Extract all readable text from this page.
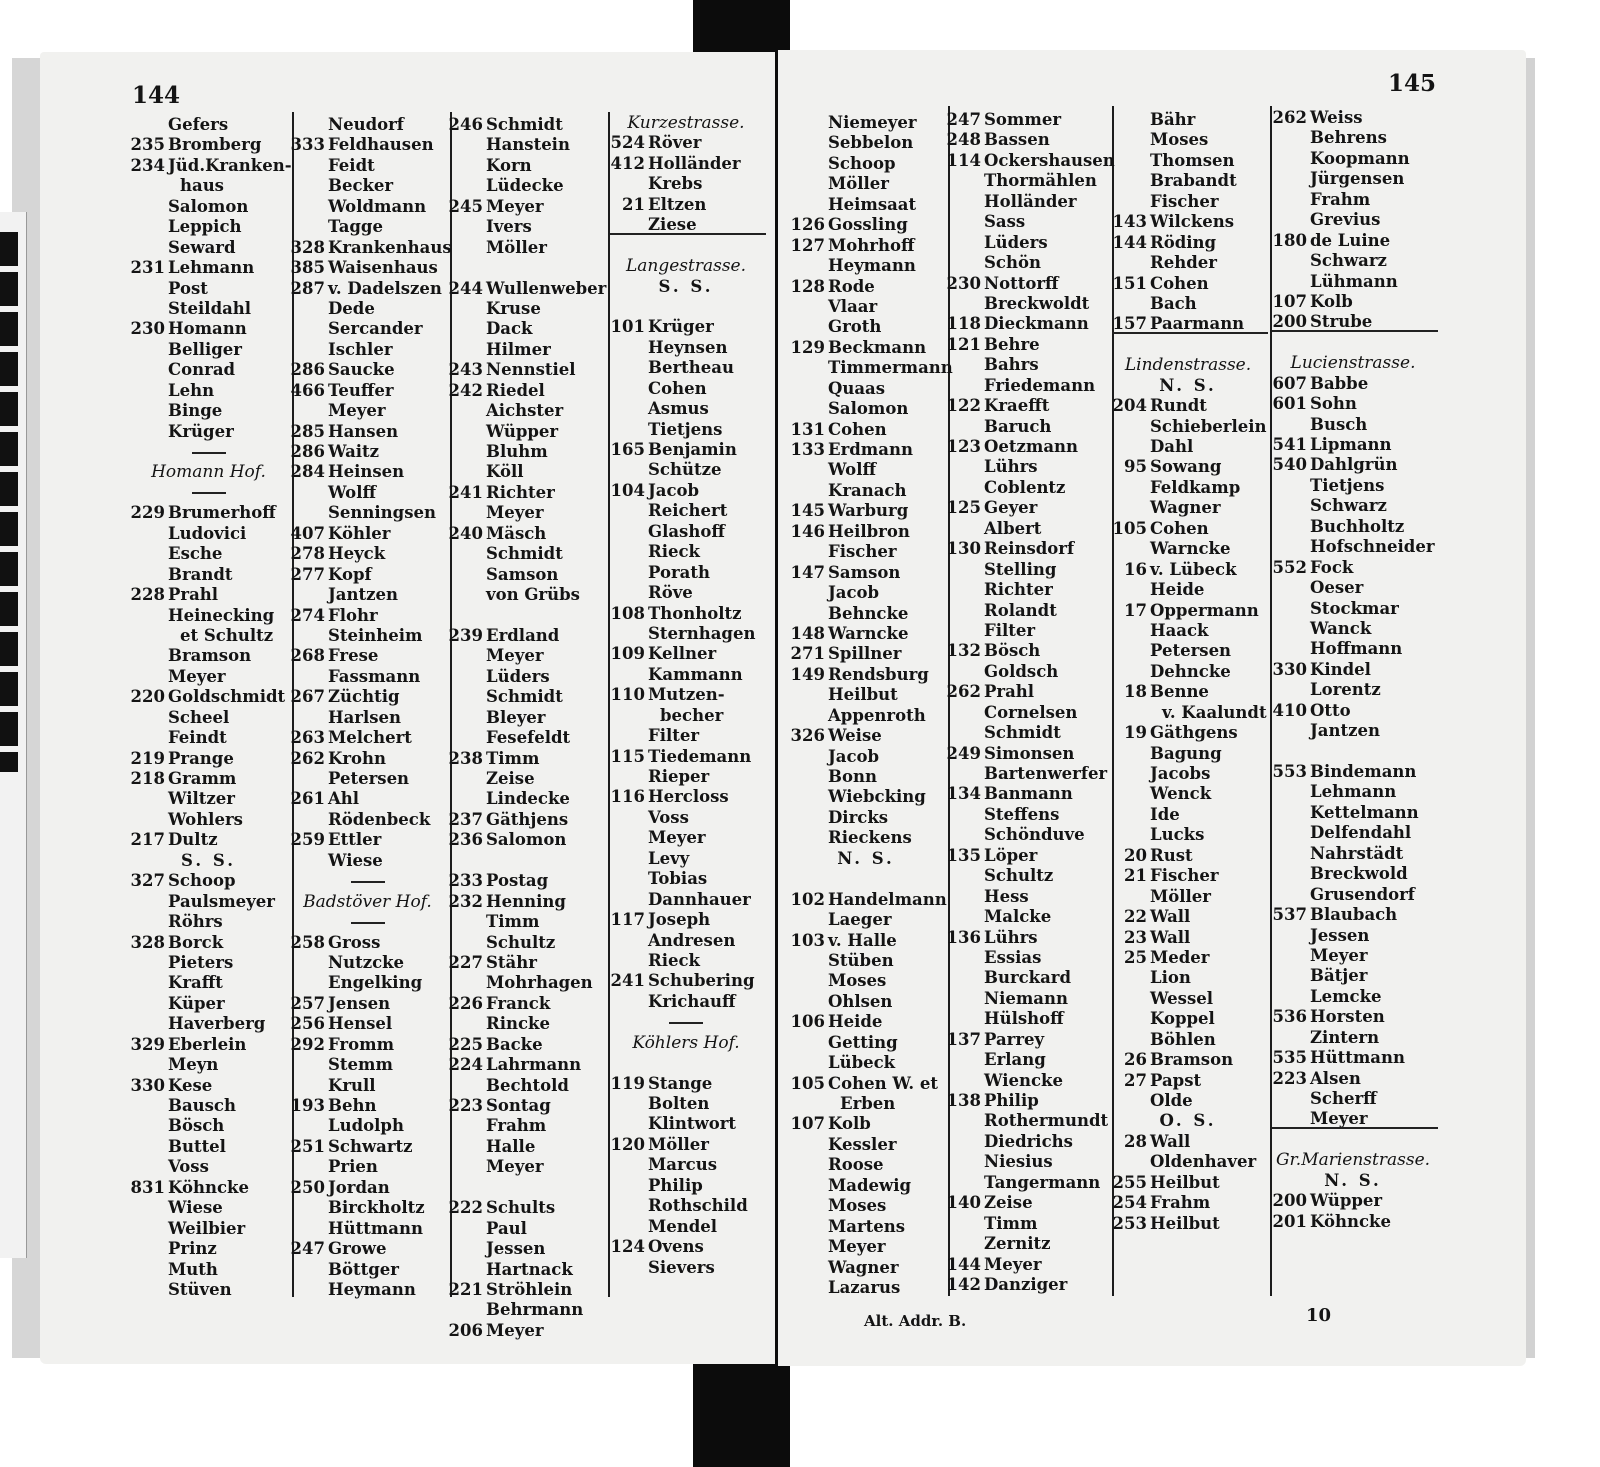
144	145
Gefers
235 Bromberg
234 Jüd.Kranken-
haus
Salomon
Leppich
Seward
231 Lehmann
Post
Steildahl
230 Homann
Belliger
Conrad
Lehn
Binge
Krüger
Homann Hof.
229 Brumerhoff
Ludovici
Esche
Brandt
228 Prahl
Heinecking
et Schultz
Bramson
Meyer
220 Goldschmidt
Scheel
Feindt
219 Prange
218 Gramm
Wiltzer
Wohlers
217 Dultz
S. S.
327 Schoop
Paulsmeyer
Röhrs
328 Borck
Pieters
Krafft
Küper
Haverberg
329 Eberlein
Meyn
330 Kese
Bausch
Bösch
Buttel
Voss
831 Köhncke
Wiese
Weilbier
Prinz
Muth
Stüven
Neudorf
333 Feldhausen
Feidt
Becker
Woldmann
Tagge
328 Krankenhaus
385 Waisenhaus
287 v. Dadelszen
Dede
Sercander
Ischler
286 Saucke
466 Teuffer
Meyer
285 Hansen
286 Waitz
284 Heinsen
Wolff
Senningsen
407 Köhler
278 Heyck
277 Kopf
Jantzen
274 Flohr
Steinheim
268 Frese
Fassmann
267 Züchtig
Harlsen
263 Melchert
262 Krohn
Petersen
261 Ahl
Rödenbeck
259 Ettler
Wiese
Badstöver Hof.
258 Gross
Nutzcke
Engelking
257 Jensen
256 Hensel
292 Fromm
Stemm
Krull
193 Behn
Ludolph
251 Schwartz
Prien
250 Jordan
Birckholtz
Hüttmann
247 Growe
Böttger
Heymann
246 Schmidt
Hanstein
Korn
Lüdecke
245 Meyer
Ivers
Möller
244 Wullenweber
Kruse
Dack
Hilmer
243 Nennstiel
242 Riedel
Aichster
Wüpper
Bluhm
Köll
241 Richter
Meyer
240 Mäsch
Schmidt
Samson
von Grübs
239 Erdland
Meyer
Lüders
Schmidt
Bleyer
Fesefeldt
238 Timm
Zeise
Lindecke
237 Gäthjens
236 Salomon
233 Postag
232 Henning
Timm
Schultz
227 Stähr
Mohrhagen
226 Franck
Rincke
225 Backe
224 Lahrmann
Bechtold
223 Sontag
Frahm
Halle
Meyer
222 Schults
Paul
Jessen
Hartnack
221 Ströhlein
Behrmann
206 Meyer
Kurzestrasse.
524 Röver
412 Holländer
Krebs
21 Eltzen
Ziese
Langestrasse.
S. S.
101 Krüger
Heynsen
Bertheau
Cohen
Asmus
Tietjens
165 Benjamin
Schütze
104 Jacob
Reichert
Glashoff
Rieck
Porath
Röve
108 Thonholtz
Sternhagen
109 Kellner
Kammann
110 Mutzen-
becher
Filter
115 Tiedemann
Rieper
116 Hercloss
Voss
Meyer
Levy
Tobias
Dannhauer
117 Joseph
Andresen
Rieck
241 Schubering
Krichauff
Köhlers Hof.
119 Stange
Bolten
Klintwort
120 Möller
Marcus
Philip
Rothschild
Mendel
124 Ovens
Sievers
Niemeyer
Sebbelon
Schoop
Möller
Heimsaat
126 Gossling
127 Mohrhoff
Heymann
128 Rode
Vlaar
Groth
129 Beckmann
Timmermann
Quaas
Salomon
131 Cohen
133 Erdmann
Wolff
Kranach
145 Warburg
146 Heilbron
Fischer
147 Samson
Jacob
Behncke
148 Warncke
271 Spillner
149 Rendsburg
Heilbut
Appenroth
326 Weise
Jacob
Bonn
Wiebcking
Dircks
Rieckens
N. S.
102 Handelmann
Laeger
103 v. Halle
Stüben
Moses
Ohlsen
106 Heide
Getting
Lübeck
105 Cohen W. et
Erben
107 Kolb
Kessler
Roose
Madewig
Moses
Martens
Meyer
Wagner
Lazarus
247 Sommer
248 Bassen
114 Ockershausen
Thormählen
Holländer
Sass
Lüders
Schön
230 Nottorff
Breckwoldt
118 Dieckmann
121 Behre
Bahrs
Friedemann
122 Kraefft
Baruch
123 Oetzmann
Lührs
Coblentz
125 Geyer
Albert
130 Reinsdorf
Stelling
Richter
Rolandt
Filter
132 Bösch
Goldsch
262 Prahl
Cornelsen
Schmidt
249 Simonsen
Bartenwerfer
134 Banmann
Steffens
Schönduve
135 Löper
Schultz
Hess
Malcke
136 Lührs
Essias
Burckard
Niemann
Hülshoff
137 Parrey
Erlang
Wiencke
138 Philip
Rothermundt
Diedrichs
Niesius
Tangermann
140 Zeise
Timm
Zernitz
144 Meyer
142 Danziger
Bähr
Moses
Thomsen
Brabandt
Fischer
143 Wilckens
144 Röding
Rehder
151 Cohen
Bach
157 Paarmann
Lindenstrasse.
N. S.
204 Rundt
Schieberlein
Dahl
95 Sowang
Feldkamp
Wagner
105 Cohen
Warncke
16 v. Lübeck
Heide
17 Oppermann
Haack
Petersen
Dehncke
18 Benne
v. Kaalundt
19 Gäthgens
Bagung
Jacobs
Wenck
Ide
Lucks
20 Rust
21 Fischer
Möller
22 Wall
23 Wall
25 Meder
Lion
Wessel
Koppel
Böhlen
26 Bramson
27 Papst
Olde
O. S.
28 Wall
Oldenhaver
255 Heilbut
254 Frahm
253 Heilbut
262 Weiss
Behrens
Koopmann
Jürgensen
Frahm
Grevius
180 de Luine
Schwarz
Lühmann
107 Kolb
200 Strube
Lucienstrasse.
607 Babbe
601 Sohn
Busch
541 Lipmann
540 Dahlgrün
Tietjens
Schwarz
Buchholtz
Hofschneider
552 Fock
Oeser
Stockmar
Wanck
Hoffmann
330 Kindel
Lorentz
410 Otto
Jantzen
553 Bindemann
Lehmann
Kettelmann
Delfendahl
Nahrstädt
Breckwold
Grusendorf
537 Blaubach
Jessen
Meyer
Bätjer
Lemcke
536 Horsten
Zintern
535 Hüttmann
223 Alsen
Scherff
Meyer
Gr.Marienstrasse.
N. S.
200 Wüpper
201 Köhncke
Alt. Addr. B.	10
